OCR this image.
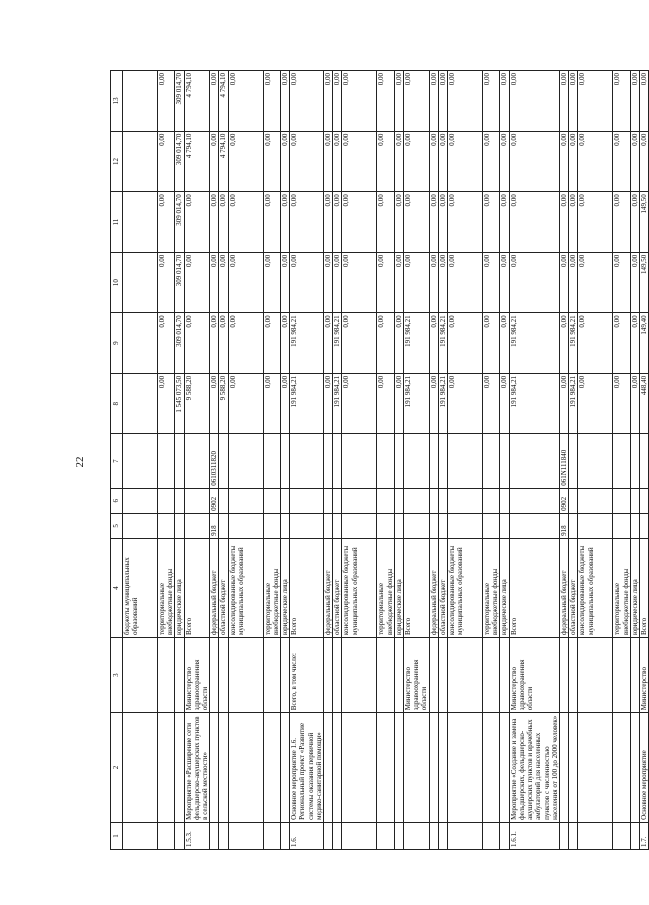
22
1	2	3	4	5	6	7	8	9	10	11	12	13
			бюджеты муниципальных образований									
			территориальные внебюджетные фонды				0,00	0,00	0,00	0,00	0,00	0,00
			юридические лица				1 545 073,50	309 014,70	309 014,70	309 014,70	309 014,70	309 014,70
1.5.3.	Мероприятие «Расширение сети фельдшерско-акушерских пунктов в сельской местности»	Министерство здравоохранения области	Всего				9 588,20	0,00	0,00	0,00	4 794,10	4 794,10
			федеральный бюджет	918	0902	0610311820	0,00	0,00	0,00	0,00	0,00	0,00
			областной бюджет				9 588,20	0,00	0,00	0,00	4 794,10	4 794,10
			консолидированные бюджеты муниципальных образований				0,00	0,00	0,00	0,00	0,00	0,00
			территориальные внебюджетные фонды				0,00	0,00	0,00	0,00	0,00	0,00
			юридические лица				0,00	0,00	0,00	0,00	0,00	0,00
1.6.	Основное мероприятие 1.6. Региональный проект «Развитие системы оказания первичной медико-санитарной помощи»	Всего, в том числе:	Всего				191 984,21	191 984,21	0,00	0,00	0,00	0,00
			федеральный бюджет				0,00	0,00	0,00	0,00	0,00	0,00
			областной бюджет				191 984,21	191 984,21	0,00	0,00	0,00	0,00
			консолидированные бюджеты муниципальных образований				0,00	0,00	0,00	0,00	0,00	0,00
			территориальные внебюджетные фонды				0,00	0,00	0,00	0,00	0,00	0,00
			юридические лица				0,00	0,00	0,00	0,00	0,00	0,00
		Министерство здравоохранения области	Всего				191 984,21	191 984,21	0,00	0,00	0,00	0,00
			федеральный бюджет				0,00	0,00	0,00	0,00	0,00	0,00
			областной бюджет				191 984,21	191 984,21	0,00	0,00	0,00	0,00
			консолидированные бюджеты муниципальных образований				0,00	0,00	0,00	0,00	0,00	0,00
			территориальные внебюджетные фонды				0,00	0,00	0,00	0,00	0,00	0,00
			юридические лица				0,00	0,00	0,00	0,00	0,00	0,00
1.6.1.	Мероприятие «Создание и замена фельдшерских, фельдшерско-акушерских пунктов и врачебных амбулаторий для населенных пунктов с численностью населения от 100 до 2000 человек»	Министерство здравоохранения области	Всего				191 984,21	191 984,21	0,00	0,00	0,00	0,00
			федеральный бюджет	918	0902	061N111840	0,00	0,00	0,00	0,00	0,00	0,00
			областной бюджет				191 984,21	191 984,21	0,00	0,00	0,00	0,00
			консолидированные бюджеты муниципальных образований				0,00	0,00	0,00	0,00	0,00	0,00
			территориальные внебюджетные фонды				0,00	0,00	0,00	0,00	0,00	0,00
			юридические лица				0,00	0,00	0,00	0,00	0,00	0,00
1.7.	Основное мероприятие	Министерство	Всего				448,40	149,40	149,50	149,50	0,00	0,00
